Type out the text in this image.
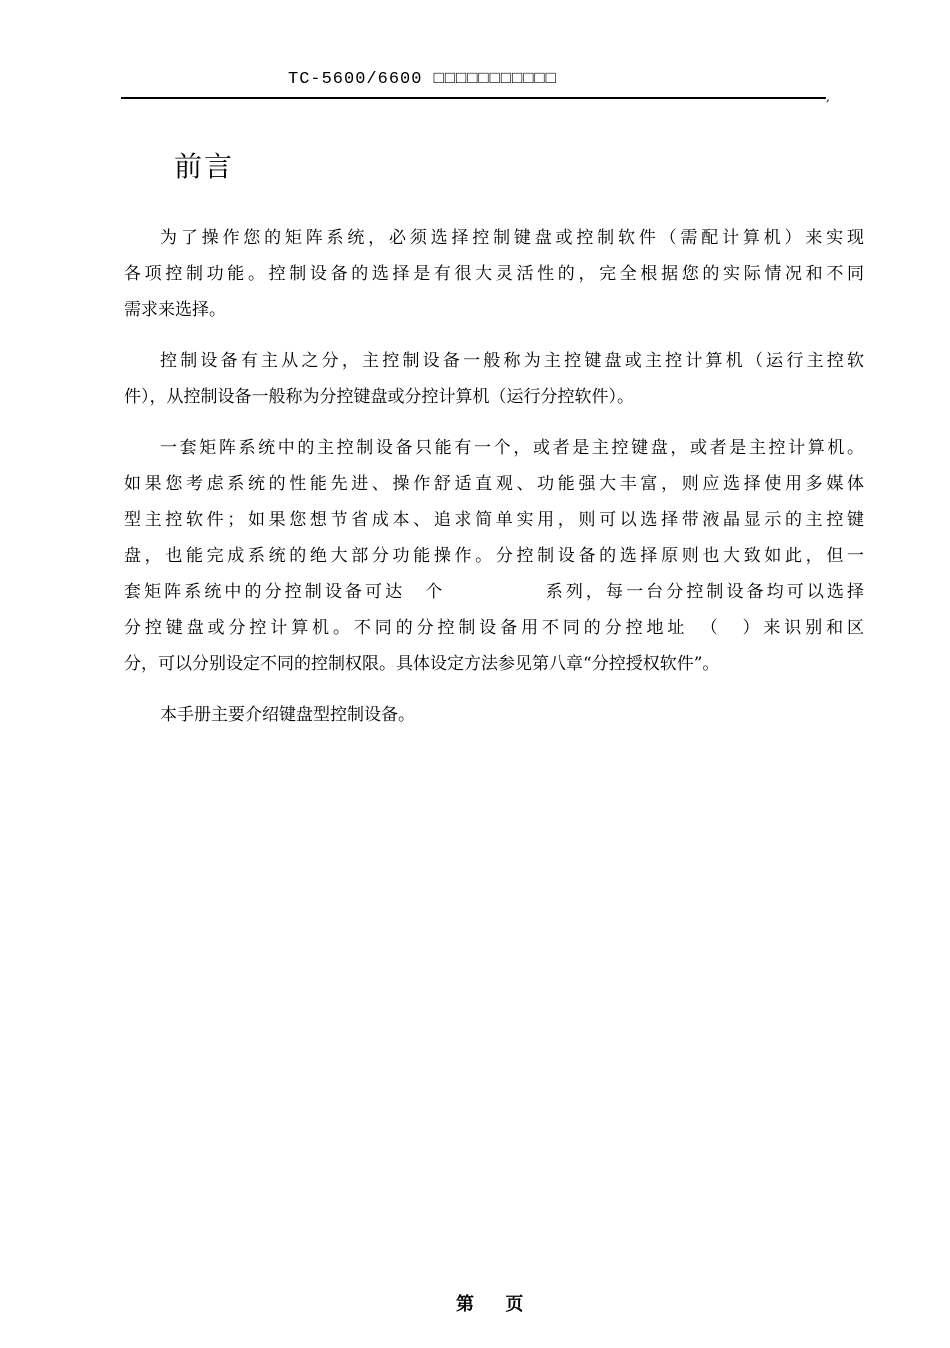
TC-5600/6600 □□□□□□□□□□□
,
前言

为了操作您的矩阵系统，必须选择控制键盘或控制软件（需配计算机）来实现
各项控制功能。控制设备的选择是有很大灵活性的，完全根据您的实际情况和不同
需求来选择。

控制设备有主从之分，主控制设备一般称为主控键盘或主控计算机（运行主控软
件），从控制设备一般称为分控键盘或分控计算机（运行分控软件）。

一套矩阵系统中的主控制设备只能有一个，或者是主控键盘，或者是主控计算机。
如果您考虑系统的性能先进、操作舒适直观、功能强大丰富，则应选择使用多媒体
型主控软件；如果您想节省成本、追求简单实用，则可以选择带液晶显示的主控键
盘，也能完成系统的绝大部分功能操作。分控制设备的选择原则也大致如此，但一
套矩阵系统中的分控制设备可达　个　　　　　系列，每一台分控制设备均可以选择
分控键盘或分控计算机。不同的分控制设备用不同的分控地址　（　）来识别和区
分，可以分别设定不同的控制权限。具体设定方法参见第八章“分控授权软件”。

本手册主要介绍键盘型控制设备。

第     页
